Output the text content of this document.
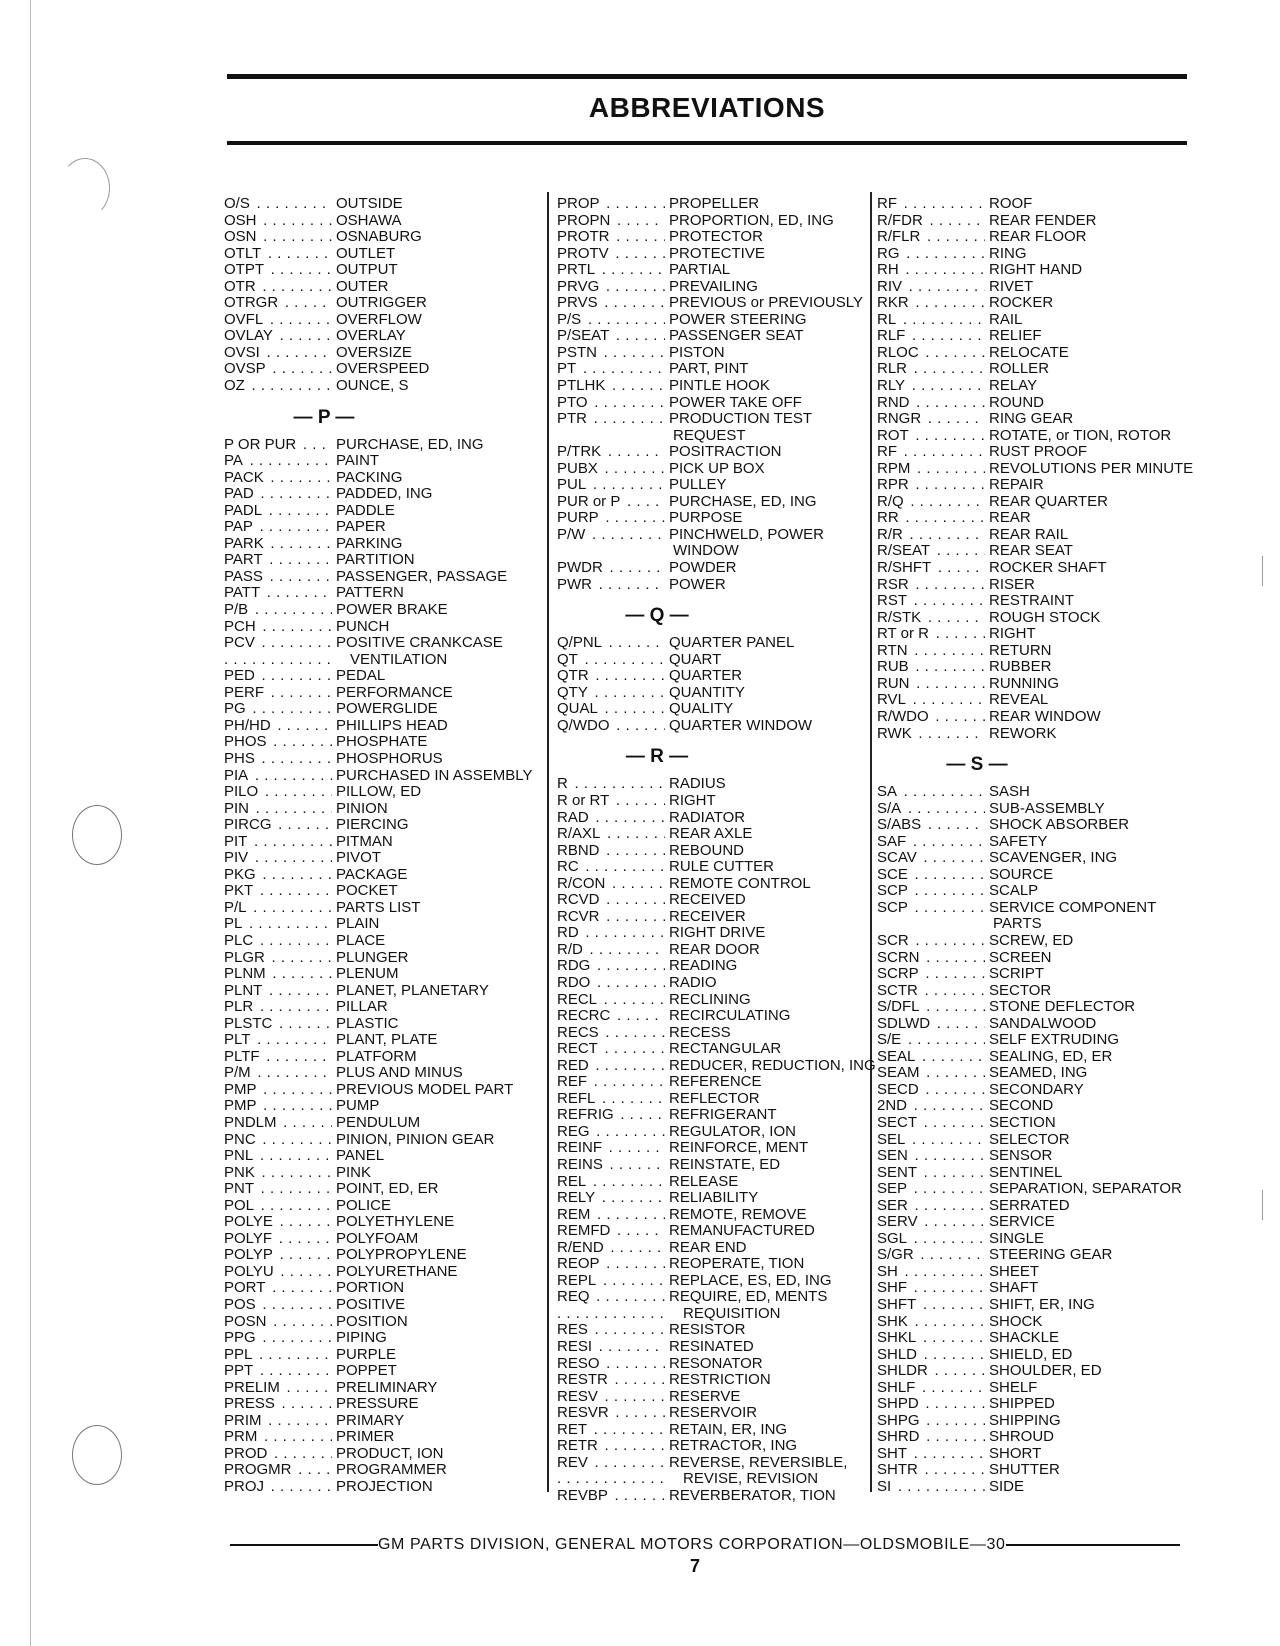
ABBREVIATIONS
O/S . . .	OUTSIDE
OSH . . .	OSHAWA
OSN . . .	OSNABURG
OTLT . . .	OUTLET
OTPT . . .	OUTPUT
OTR . . .	OUTER
OTRGR . . .	OUTRIGGER
OVFL . . .	OVERFLOW
OVLAY . . .	OVERLAY
OVSI . . .	OVERSIZE
OVSP . . .	OVERSPEED
OZ . . .	OUNCE, S
— P —
P OR PUR . . .	PURCHASE, ED, ING
PA . . .	PAINT
PACK . . .	PACKING
PAD . . .	PADDED, ING
PADL . . .	PADDLE
PAP . . .	PAPER
PARK . . .	PARKING
PART . . .	PARTITION
PASS . . .	PASSENGER, PASSAGE
PATT . . .	PATTERN
P/B . . .	POWER BRAKE
PCH . . .	PUNCH
PCV . . .	POSITIVE CRANKCASE
. . .
VENTILATION
PED . . .	PEDAL
PERF . . .	PERFORMANCE
PG . . .	POWERGLIDE
PH/HD . . .	PHILLIPS HEAD
PHOS . . .	PHOSPHATE
PHS . . .	PHOSPHORUS
PIA . . .	PURCHASED IN ASSEMBLY
PILO . . .	PILLOW, ED
PIN . . .	PINION
PIRCG . . .	PIERCING
PIT . . .	PITMAN
PIV . . .	PIVOT
PKG . . .	PACKAGE
PKT . . .	POCKET
P/L . . .	PARTS LIST
PL . . .	PLAIN
PLC . . .	PLACE
PLGR . . .	PLUNGER
PLNM . . .	PLENUM
PLNT . . .	PLANET, PLANETARY
PLR . . .	PILLAR
PLSTC . . .	PLASTIC
PLT . . .	PLANT, PLATE
PLTF . . .	PLATFORM
P/M . . .	PLUS AND MINUS
PMP . . .	PREVIOUS MODEL PART
PMP . . .	PUMP
PNDLM . . .	PENDULUM
PNC . . .	PINION, PINION GEAR
PNL . . .	PANEL
PNK . . .	PINK
PNT . . .	POINT, ED, ER
POL . . .	POLICE
POLYE . . .	POLYETHYLENE
POLYF . . .	POLYFOAM
POLYP . . .	POLYPROPYLENE
POLYU . . .	POLYURETHANE
PORT . . .	PORTION
POS . . .	POSITIVE
POSN . . .	POSITION
PPG . . .	PIPING
PPL . . .	PURPLE
PPT . . .	POPPET
PRELIM . . .	PRELIMINARY
PRESS . . .	PRESSURE
PRIM . . .	PRIMARY
PRM . . .	PRIMER
PROD . . .	PRODUCT, ION
PROGMR . . .	PROGRAMMER
PROJ . . .	PROJECTION
PROP . . .	PROPELLER
PROPN . . .	PROPORTION, ED, ING
PROTR . . .	PROTECTOR
PROTV . . .	PROTECTIVE
PRTL . . .	PARTIAL
PRVG . . .	PREVAILING
PRVS . . .	PREVIOUS or PREVIOUSLY
P/S . . .	POWER STEERING
P/SEAT . . .	PASSENGER SEAT
PSTN . . .	PISTON
PT . . .	PART, PINT
PTLHK . . .	PINTLE HOOK
PTO . . .	POWER TAKE OFF
PTR . . .	PRODUCTION TEST
REQUEST
P/TRK . . .	POSITRACTION
PUBX . . .	PICK UP BOX
PUL . . .	PULLEY
PUR or P . . .	PURCHASE, ED, ING
PURP . . .	PURPOSE
P/W . . .	PINCHWELD, POWER
WINDOW
PWDR . . .	POWDER
PWR . . .	POWER
— Q —
Q/PNL . . .	QUARTER PANEL
QT . . .	QUART
QTR . . .	QUARTER
QTY . . .	QUANTITY
QUAL . . .	QUALITY
Q/WDO . . .	QUARTER WINDOW
— R —
R . . .	RADIUS
R or RT . . .	RIGHT
RAD . . .	RADIATOR
R/AXL . . .	REAR AXLE
RBND . . .	REBOUND
RC . . .	RULE CUTTER
R/CON . . .	REMOTE CONTROL
RCVD . . .	RECEIVED
RCVR . . .	RECEIVER
RD . . .	RIGHT DRIVE
R/D . . .	REAR DOOR
RDG . . .	READING
RDO . . .	RADIO
RECL . . .	RECLINING
RECRC . . .	RECIRCULATING
RECS . . .	RECESS
RECT . . .	RECTANGULAR
RED . . .	REDUCER, REDUCTION, ING
REF . . .	REFERENCE
REFL . . .	REFLECTOR
REFRIG . . .	REFRIGERANT
REG . . .	REGULATOR, ION
REINF . . .	REINFORCE, MENT
REINS . . .	REINSTATE, ED
REL . . .	RELEASE
RELY . . .	RELIABILITY
REM . . .	REMOTE, REMOVE
REMFD . . .	REMANUFACTURED
R/END . . .	REAR END
REOP . . .	REOPERATE, TION
REPL . . .	REPLACE, ES, ED, ING
REQ . . .	REQUIRE, ED, MENTS
. . .
REQUISITION
RES . . .	RESISTOR
RESI . . .	RESINATED
RESO . . .	RESONATOR
RESTR . . .	RESTRICTION
RESV . . .	RESERVE
RESVR . . .	RESERVOIR
RET . . .	RETAIN, ER, ING
RETR . . .	RETRACTOR, ING
REV . . .	REVERSE, REVERSIBLE,
. . .
REVISE, REVISION
REVBP . . .	REVERBERATOR, TION
RF . . .	ROOF
R/FDR . . .	REAR FENDER
R/FLR . . .	REAR FLOOR
RG . . .	RING
RH . . .	RIGHT HAND
RIV . . .	RIVET
RKR . . .	ROCKER
RL . . .	RAIL
RLF . . .	RELIEF
RLOC . . .	RELOCATE
RLR . . .	ROLLER
RLY . . .	RELAY
RND . . .	ROUND
RNGR . . .	RING GEAR
ROT . . .	ROTATE, or TION, ROTOR
RF . . .	RUST PROOF
RPM . . .	REVOLUTIONS PER MINUTE
RPR . . .	REPAIR
R/Q . . .	REAR QUARTER
RR . . .	REAR
R/R . . .	REAR RAIL
R/SEAT . . .	REAR SEAT
R/SHFT . . .	ROCKER SHAFT
RSR . . .	RISER
RST . . .	RESTRAINT
R/STK . . .	ROUGH STOCK
RT or R . . .	RIGHT
RTN . . .	RETURN
RUB . . .	RUBBER
RUN . . .	RUNNING
RVL . . .	REVEAL
R/WDO . . .	REAR WINDOW
RWK . . .	REWORK
— S —
SA . . .	SASH
S/A . . .	SUB-ASSEMBLY
S/ABS . . .	SHOCK ABSORBER
SAF . . .	SAFETY
SCAV . . .	SCAVENGER, ING
SCE . . .	SOURCE
SCP . . .	SCALP
SCP . . .	SERVICE COMPONENT
PARTS
SCR . . .	SCREW, ED
SCRN . . .	SCREEN
SCRP . . .	SCRIPT
SCTR . . .	SECTOR
S/DFL . . .	STONE DEFLECTOR
SDLWD . . .	SANDALWOOD
S/E . . .	SELF EXTRUDING
SEAL . . .	SEALING, ED, ER
SEAM . . .	SEAMED, ING
SECD . . .	SECONDARY
2ND . . .	SECOND
SECT . . .	SECTION
SEL . . .	SELECTOR
SEN . . .	SENSOR
SENT . . .	SENTINEL
SEP . . .	SEPARATION, SEPARATOR
SER . . .	SERRATED
SERV . . .	SERVICE
SGL . . .	SINGLE
S/GR . . .	STEERING GEAR
SH . . .	SHEET
SHF . . .	SHAFT
SHFT . . .	SHIFT, ER, ING
SHK . . .	SHOCK
SHKL . . .	SHACKLE
SHLD . . .	SHIELD, ED
SHLDR . . .	SHOULDER, ED
SHLF . . .	SHELF
SHPD . . .	SHIPPED
SHPG . . .	SHIPPING
SHRD . . .	SHROUD
SHT . . .	SHORT
SHTR . . .	SHUTTER
SI . . .	SIDE
GM PARTS DIVISION, GENERAL MOTORS CORPORATION—OLDSMOBILE—30
7
